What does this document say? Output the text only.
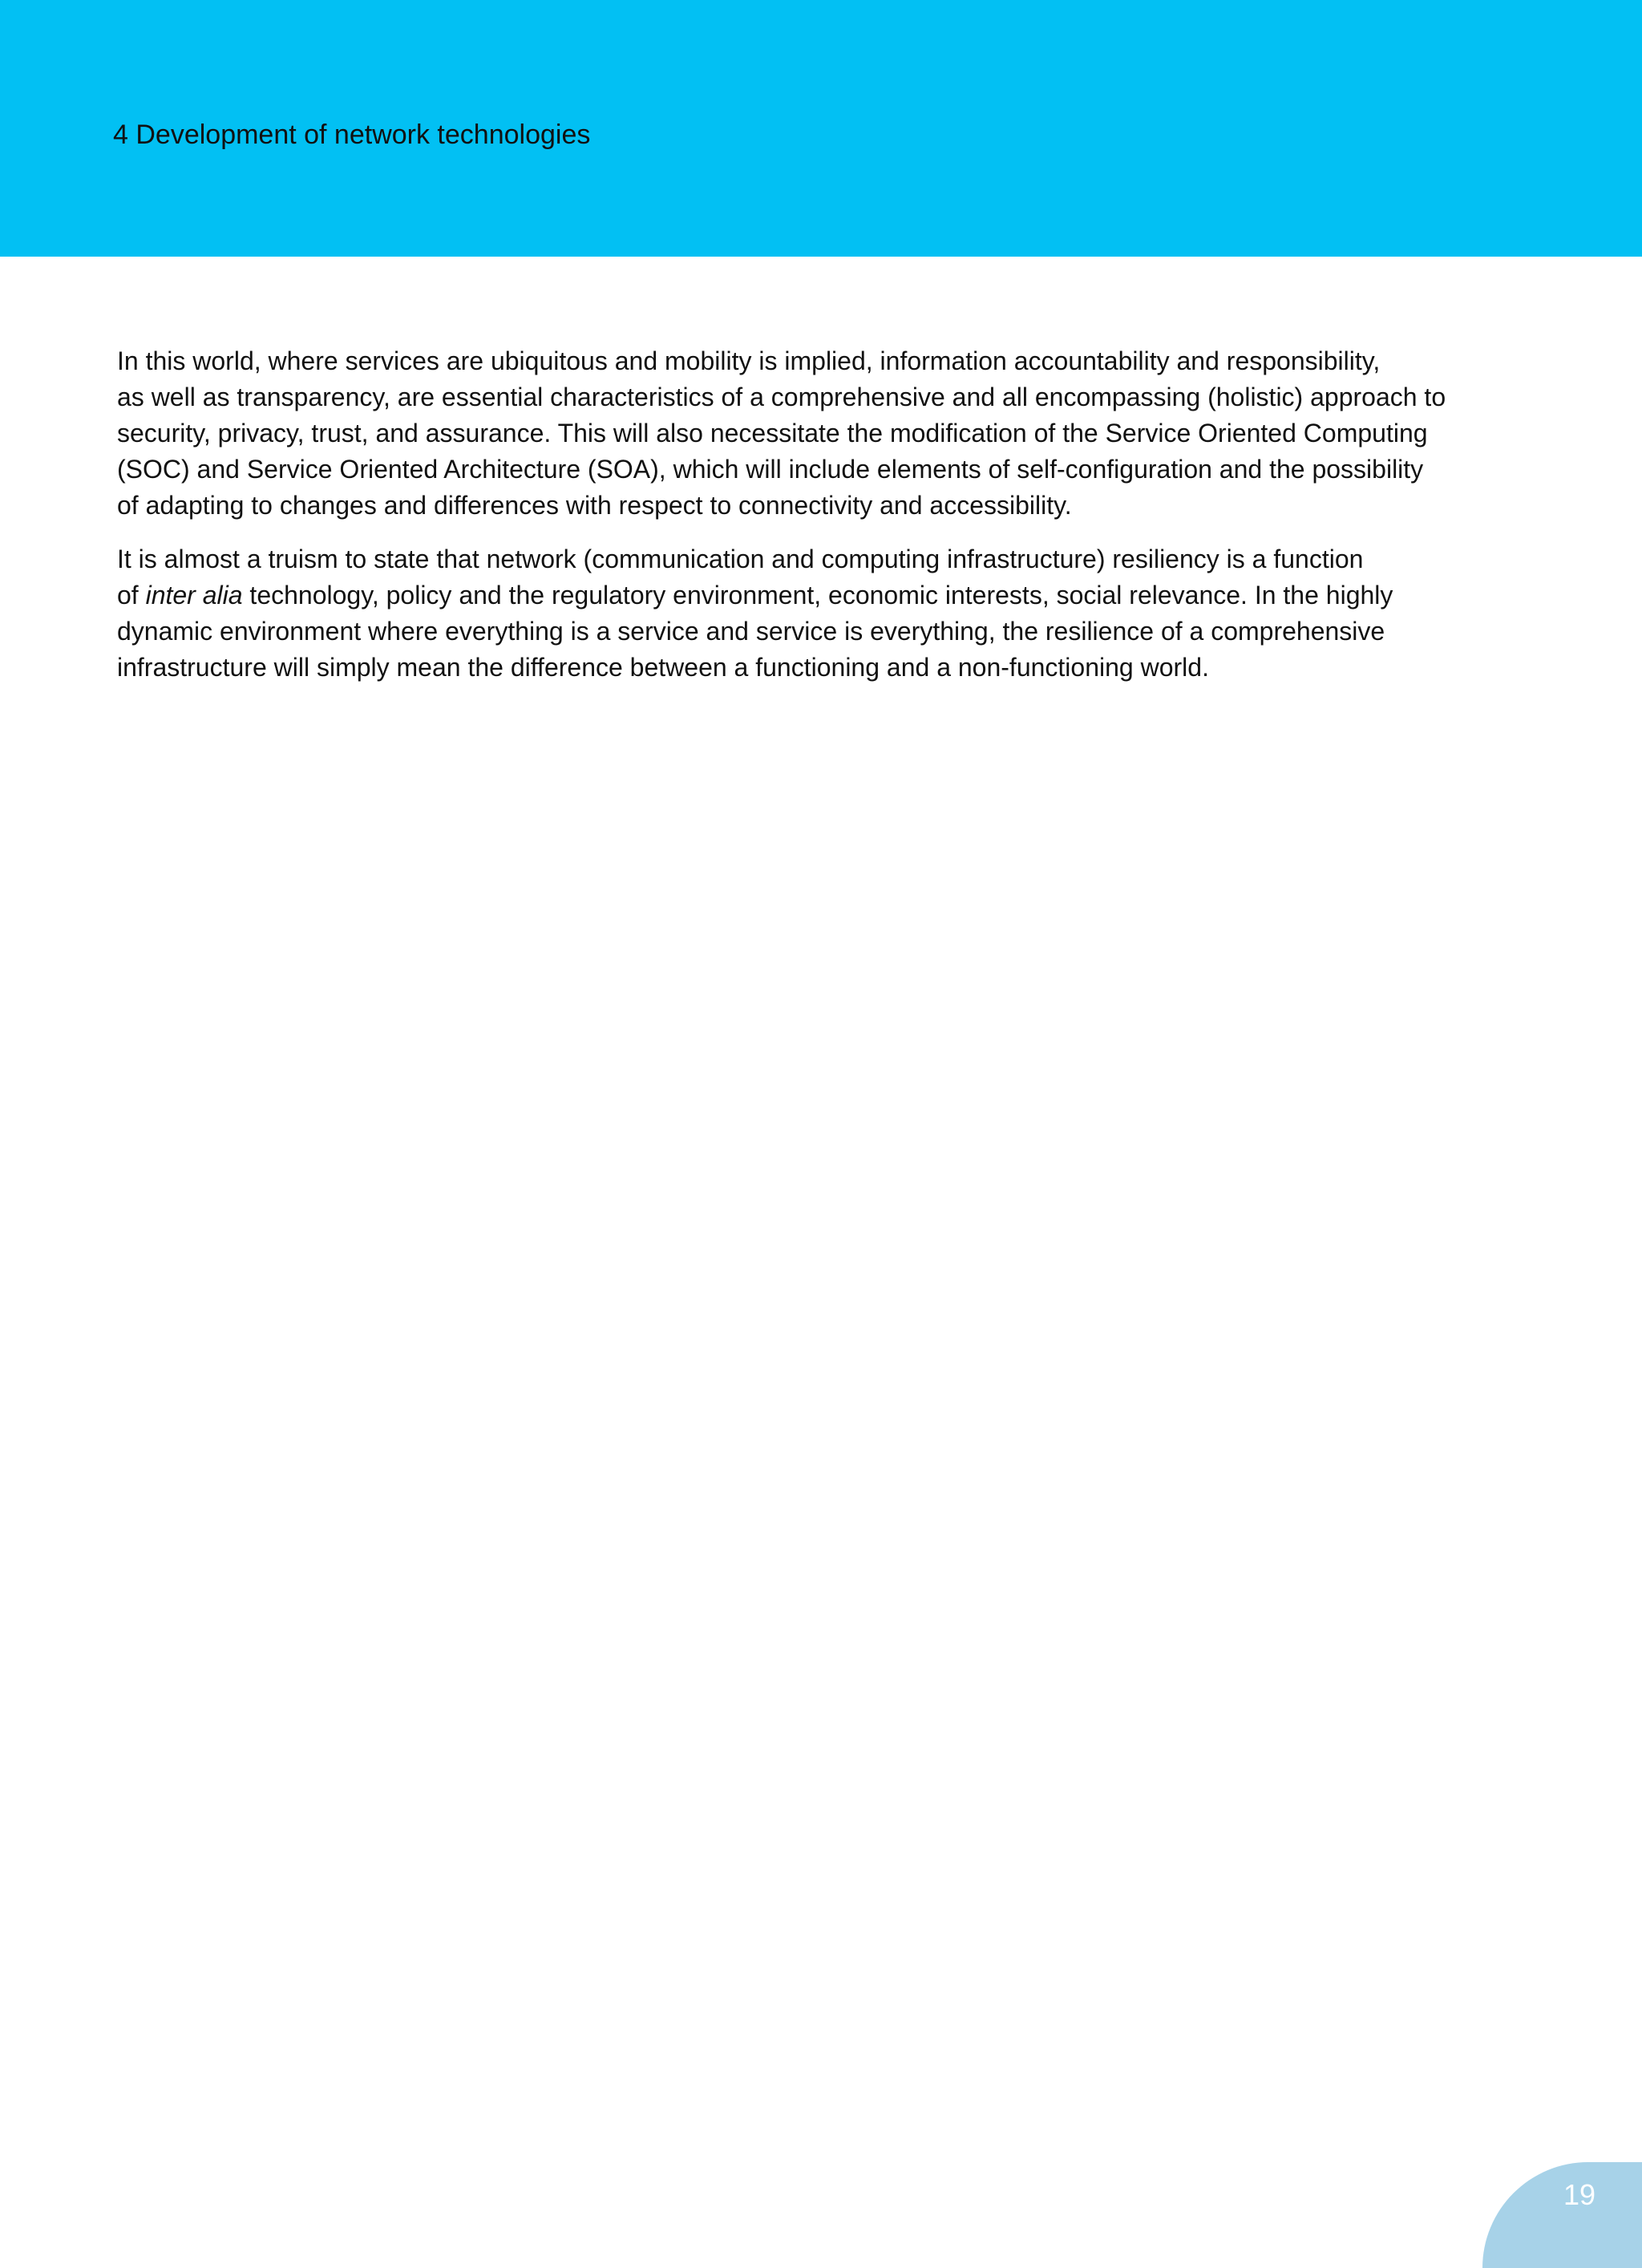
4 Development of network technologies

In this world, where services are ubiquitous and mobility is implied, information accountability and responsibility,
as well as transparency, are essential characteristics of a comprehensive and all encompassing (holistic) approach to
security, privacy, trust, and assurance. This will also necessitate the modification of the Service Oriented Computing
(SOC) and Service Oriented Architecture (SOA), which will include elements of self-configuration and the possibility
of adapting to changes and differences with respect to connectivity and accessibility.

It is almost a truism to state that network (communication and computing infrastructure) resiliency is a function
of inter alia technology, policy and the regulatory environment, economic interests, social relevance. In the highly
dynamic environment where everything is a service and service is everything, the resilience of a comprehensive
infrastructure will simply mean the difference between a functioning and a non-functioning world.

19
